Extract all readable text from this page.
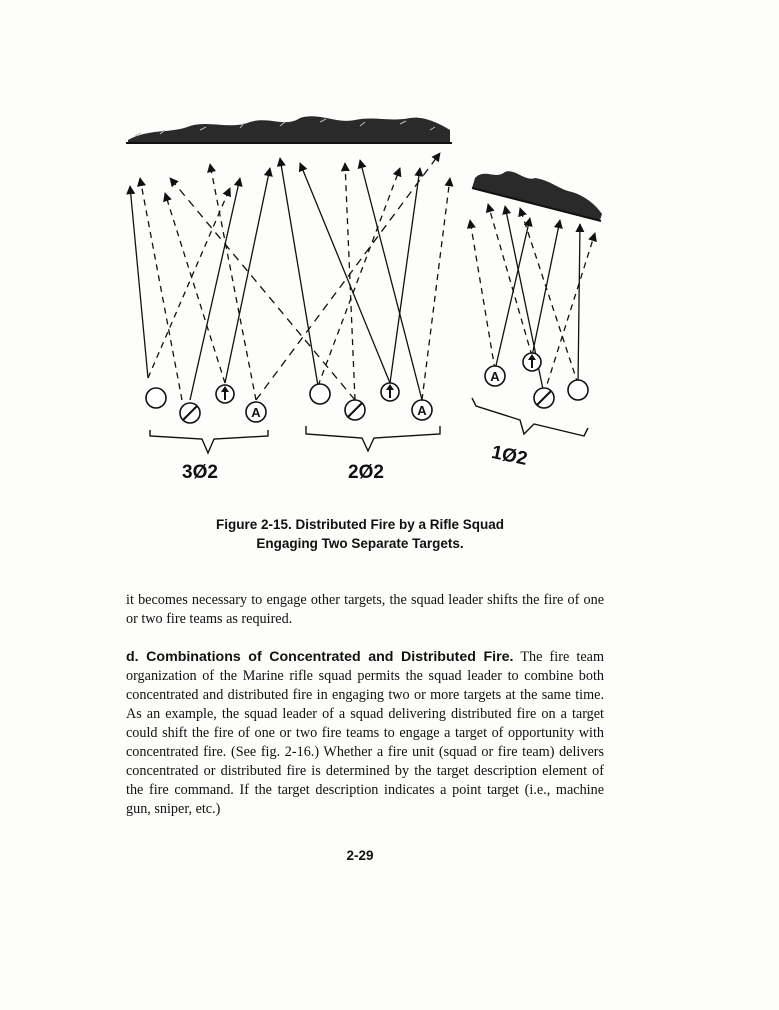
A	A
A
3Ø2	2Ø2
1Ø2
Figure 2-15. Distributed Fire by a Rifle Squad
Engaging Two Separate Targets.

it becomes necessary to engage other targets, the squad leader shifts the fire of one or two fire teams as required.

d. Combinations of Concentrated and Distributed Fire. The fire team organization of the Marine rifle squad permits the squad leader to combine both concentrated and distributed fire in engaging two or more targets at the same time. As an example, the squad leader of a squad delivering distributed fire on a target could shift the fire of one or two fire teams to engage a target of opportunity with concentrated fire. (See fig. 2-16.) Whether a fire unit (squad or fire team) delivers concentrated or distributed fire is determined by the target description element of the fire command. If the target description indicates a point target (i.e., machine gun, sniper, etc.)

2-29
